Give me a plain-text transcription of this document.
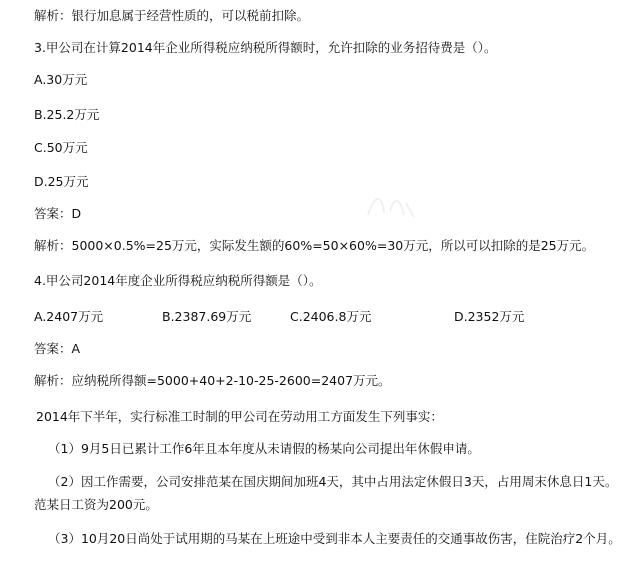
解析：银行加息属于经营性质的，可以税前扣除。
3.甲公司在计算2014年企业所得税应纳税所得额时，允许扣除的业务招待费是（）。
A.30万元
B.25.2万元
C.50万元
D.25万元
答案：D
解析：5000×0.5%=25万元，实际发生额的60%=50×60%=30万元，所以可以扣除的是25万元。
4.甲公司2014年度企业所得税应纳税所得额是（）。
A.2407万元	B.2387.69万元	C.2406.8万元	D.2352万元
答案：A
解析：应纳税所得额=5000+40+2-10-25-2600=2407万元。
2014年下半年，实行标准工时制的甲公司在劳动用工方面发生下列事实：
（1）9月5日已累计工作6年且本年度从未请假的杨某向公司提出年休假申请。
（2）因工作需要，公司安排范某在国庆期间加班4天，其中占用法定休假日3天，占用周末休息日1天。范某日工资为200元。
（3）10月20日尚处于试用期的马某在上班途中受到非本人主要责任的交通事故伤害，住院治疗2个月。
